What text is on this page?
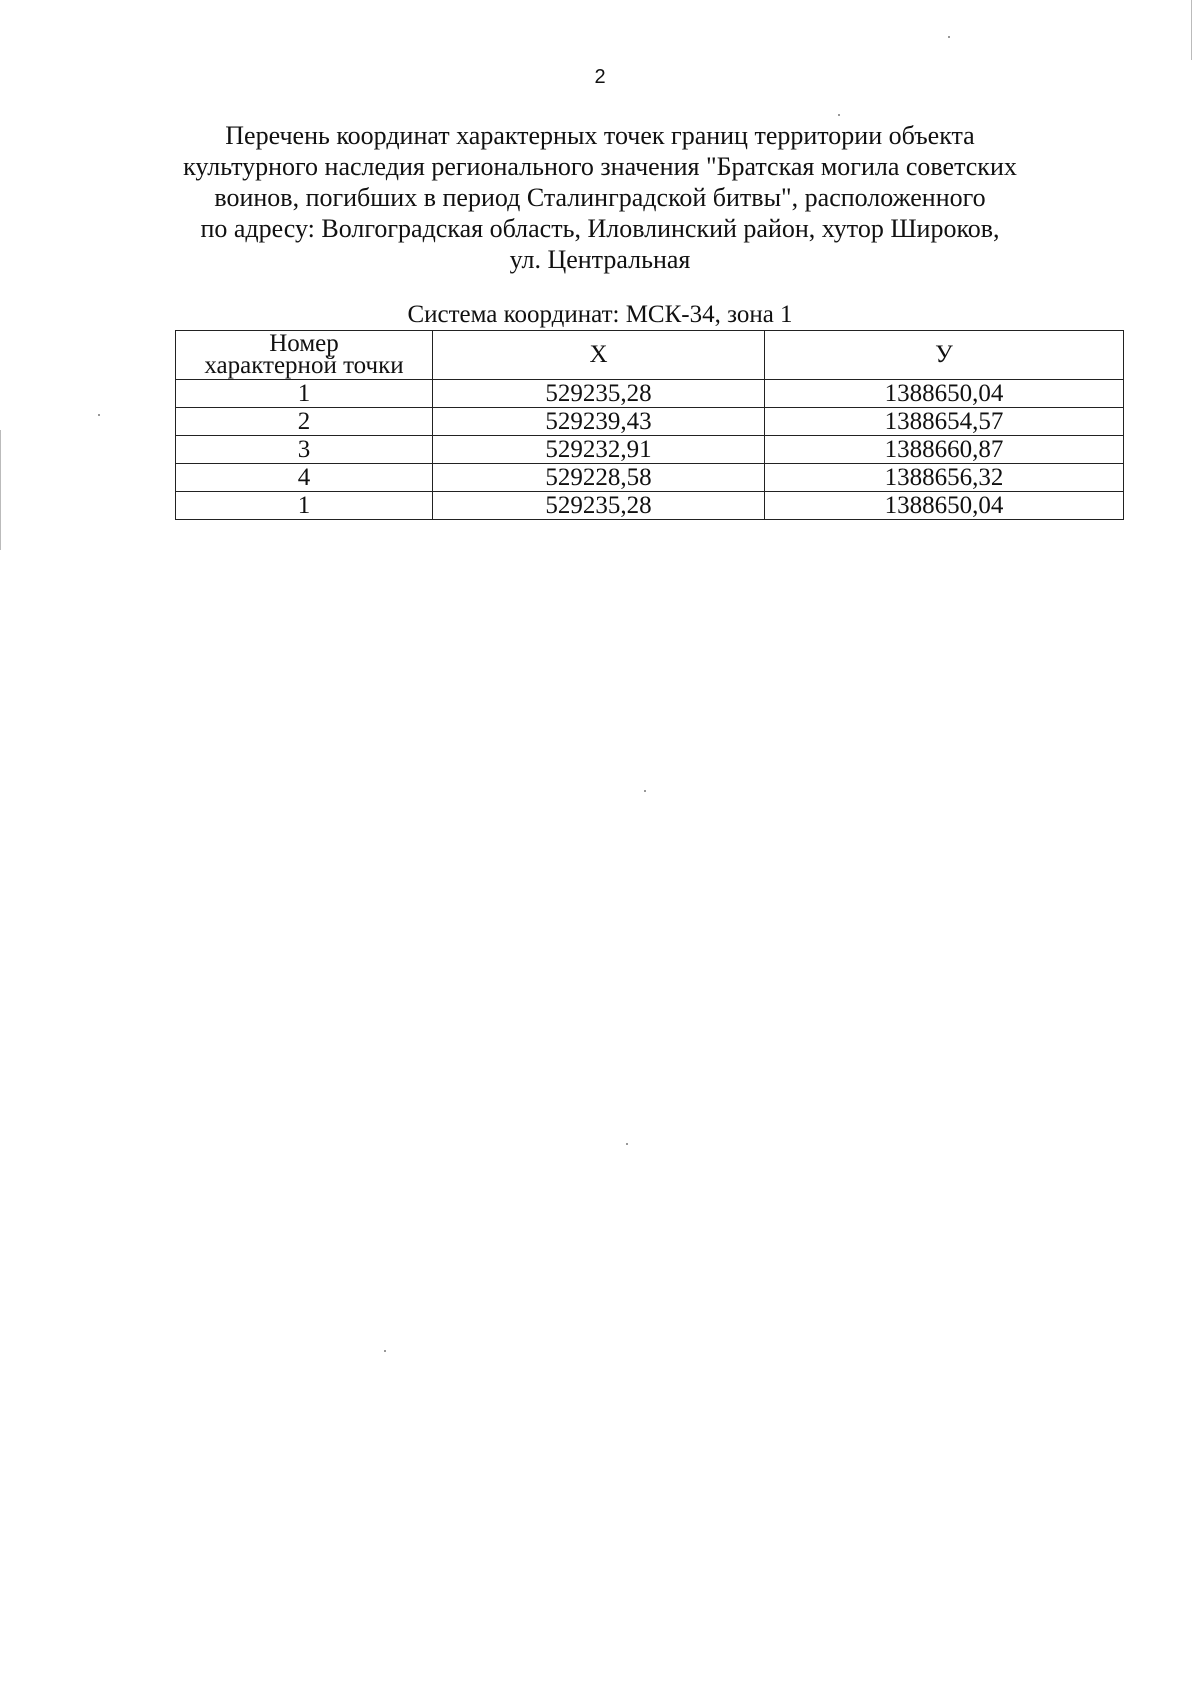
2
Перечень координат характерных точек границ территории объекта
культурного наследия регионального значения "Братская могила советских
воинов, погибших в период Сталинградской битвы", расположенного
по адресу: Волгоградская область, Иловлинский район, хутор Широков,
ул. Центральная
Система координат: МСК-34, зона 1
Номер
характерной точки	X	У
1	529235,28	1388650,04
2	529239,43	1388654,57
3	529232,91	1388660,87
4	529228,58	1388656,32
1	529235,28	1388650,04
